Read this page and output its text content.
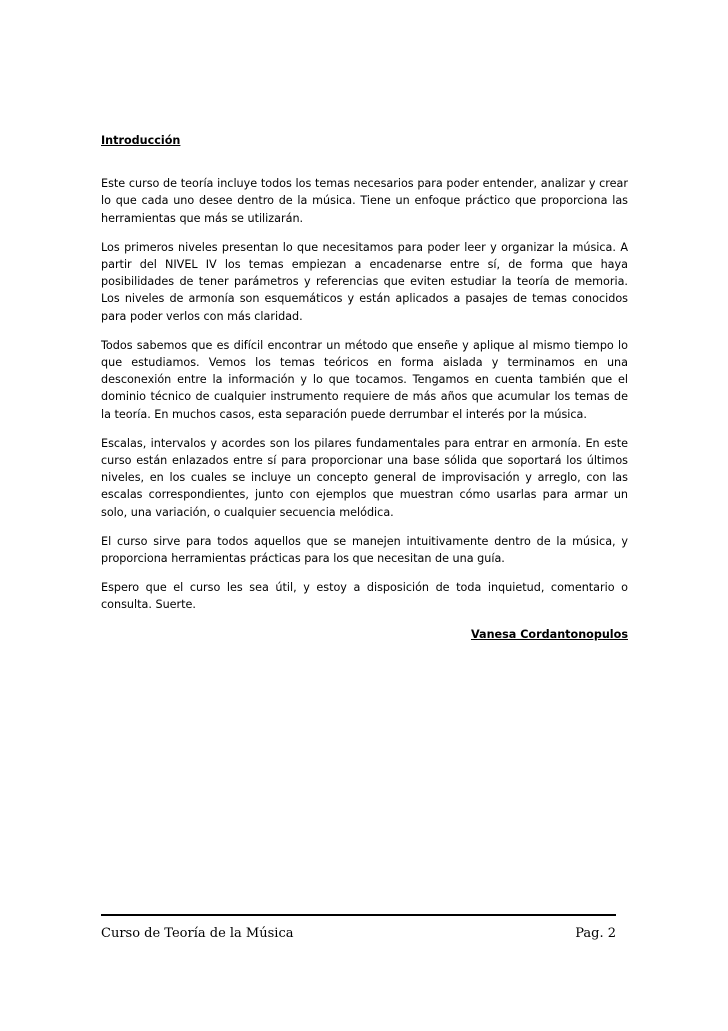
Introducción

Este curso de teoría incluye todos los temas necesarios para poder entender, analizar y crear lo que cada uno desee dentro de la música. Tiene un enfoque práctico que proporciona las herramientas que más se utilizarán.

Los primeros niveles presentan lo que necesitamos para poder leer y organizar la música. A partir del NIVEL IV los temas empiezan a encadenarse entre sí, de forma que haya posibilidades de tener parámetros y referencias que eviten estudiar la teoría de memoria. Los niveles de armonía son esquemáticos y están aplicados a pasajes de temas conocidos para poder verlos con más claridad.

Todos sabemos que es difícil encontrar un método que enseñe y aplique al mismo tiempo lo que estudiamos. Vemos los temas teóricos en forma aislada y terminamos en una desconexión entre la información y lo que tocamos. Tengamos en cuenta también que el dominio técnico de cualquier instrumento requiere de más años que acumular los temas de la teoría. En muchos casos, esta separación puede derrumbar el interés por la música.

Escalas, intervalos y acordes son los pilares fundamentales para entrar en armonía. En este curso están enlazados entre sí para proporcionar una base sólida que soportará los últimos niveles, en los cuales se incluye un concepto general de improvisación y arreglo, con las escalas correspondientes, junto con ejemplos que muestran cómo usarlas para armar un solo, una variación, o cualquier secuencia melódica.

El curso sirve para todos aquellos que se manejen intuitivamente dentro de la música, y proporciona herramientas prácticas para los que necesitan de una guía.

Espero que el curso les sea útil, y estoy a disposición de toda inquietud, comentario o consulta. Suerte.

Vanesa Cordantonopulos
Curso de Teoría de la Música	Pag. 2
